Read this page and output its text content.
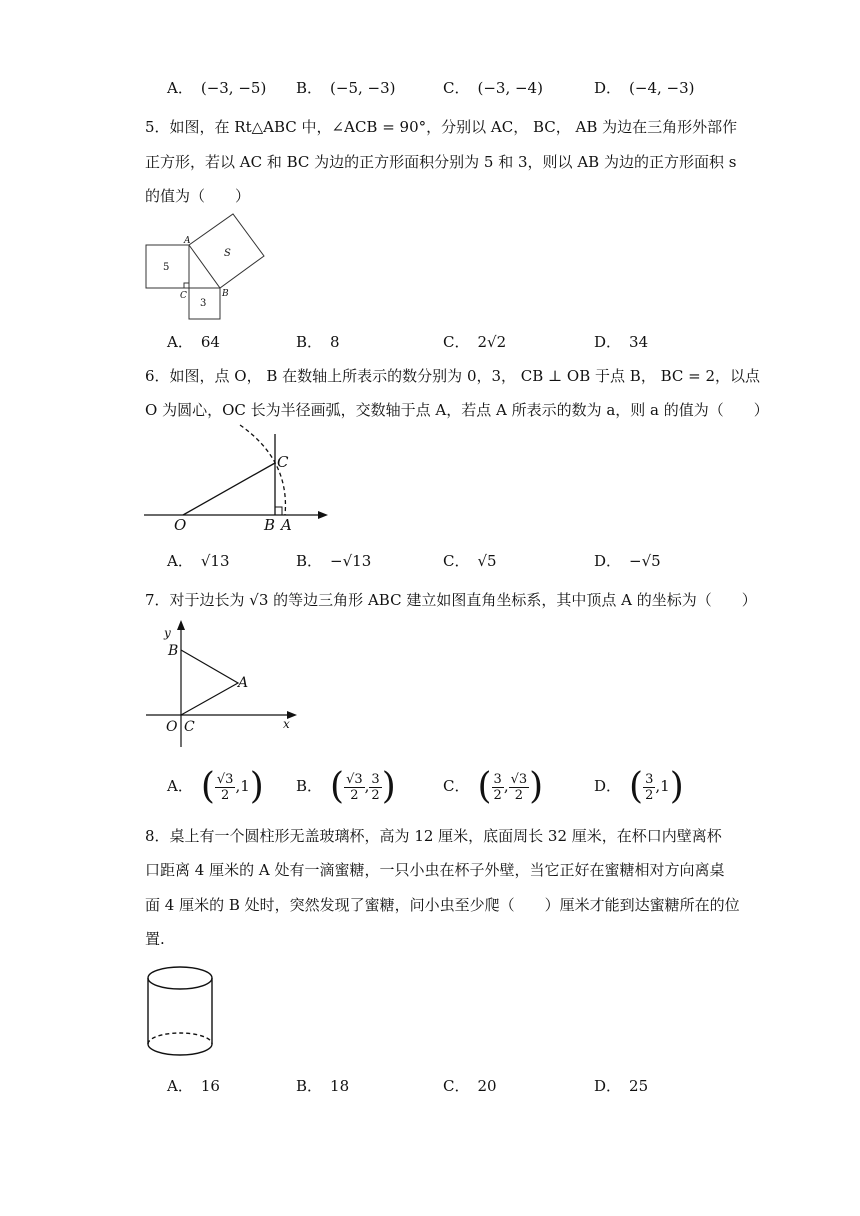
A． (−3, −5) B． (−5, −3)	C． (−3, −4)	D． (−4, −3)
5．如图，在 Rt△ABC 中，∠ACB = 90°，分别以 AC， BC， AB 为边在三角形外部作
正方形，若以 AC 和 BC 为边的正方形面积分别为 5 和 3，则以 AB 为边的正方形面积 s
的值为（　　）
5
3
S
A
B
C
A． 64	B． 8	C． 2√2	D． 34
6．如图，点 O， B 在数轴上所表示的数分别为 0，3， CB ⊥ OB 于点 B， BC = 2，以点
O 为圆心，OC 长为半径画弧，交数轴于点 A，若点 A 所表示的数为 a，则 a 的值为（　　）
O	B A
C
A． √13	B． −√13	C． √5	D． −√5
7．对于边长为 √3 的等边三角形 ABC 建立如图直角坐标系，其中顶点 A 的坐标为（　　）
y
x
B
A
O C
A． ( $\frac{√3}{2} ,1$) B． ( $\frac{√3}{2}$ , $\frac{3}{2}$ )	C． ( $\frac{3}{2}$ , $\frac{√3}{2}$ )	D． ( $\frac{3}{2} ,1$)
8．桌上有一个圆柱形无盖玻璃杯，高为 12 厘米，底面周长 32 厘米，在杯口内壁离杯
口距离 4 厘米的 A 处有一滴蜜糖，一只小虫在杯子外壁，当它正好在蜜糖相对方向离桌
面 4 厘米的 B 处时，突然发现了蜜糖，问小虫至少爬（　　）厘米才能到达蜜糖所在的位
置.
A． 16	B． 18	C． 20	D． 25
